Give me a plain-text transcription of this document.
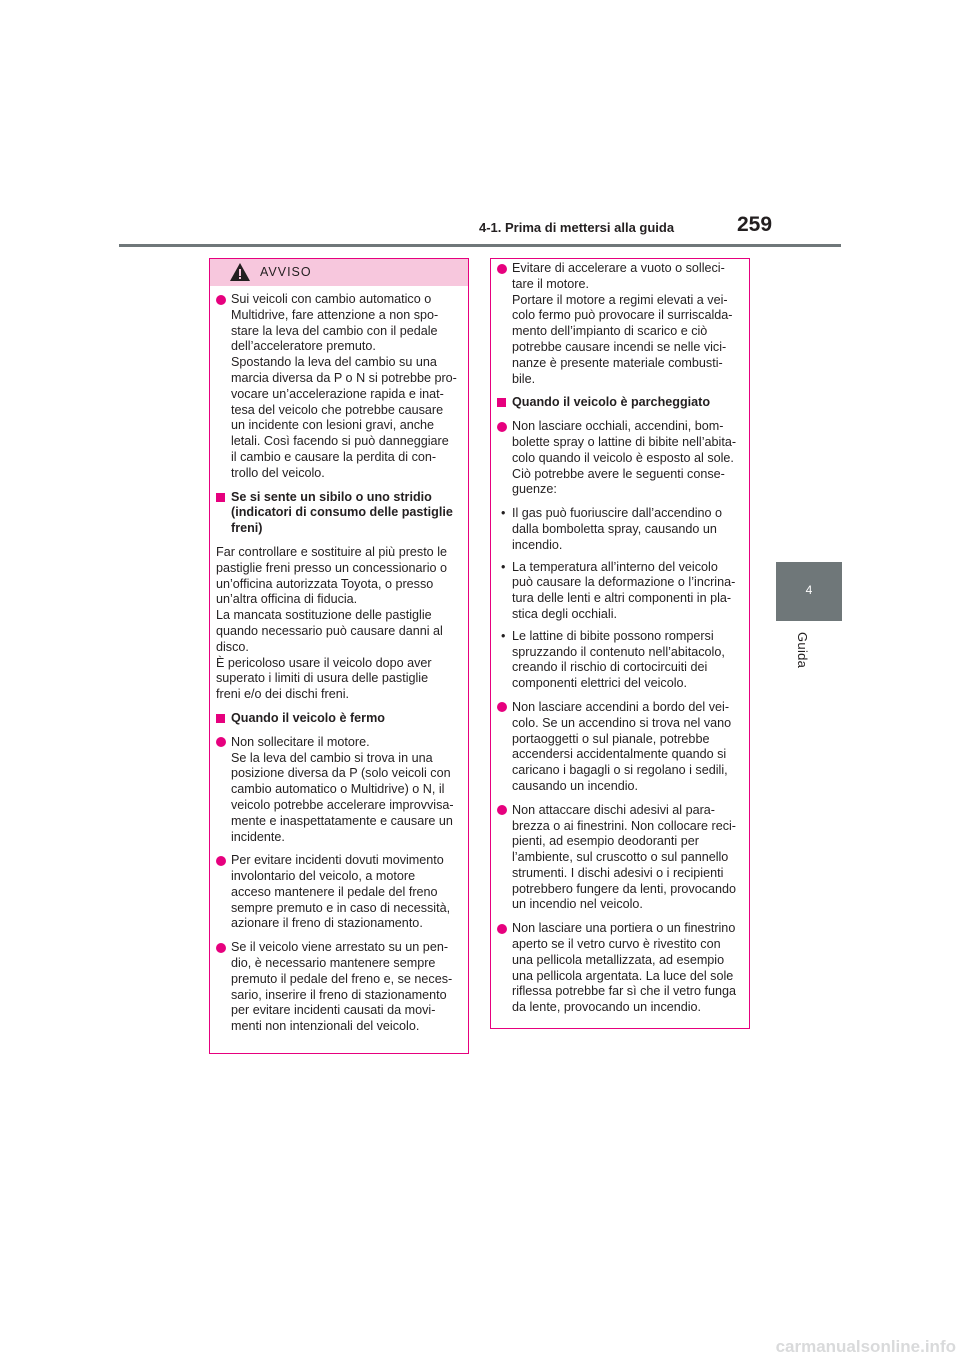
4-1. Prima di mettersi alla guida	259
4
Guida
AVVISO
Sui veicoli con cambio automatico o
Multidrive, fare attenzione a non spo-
stare la leva del cambio con il pedale
dell’acceleratore premuto.
Spostando la leva del cambio su una
marcia diversa da P o N si potrebbe pro-
vocare un’accelerazione rapida e inat-
tesa del veicolo che potrebbe causare
un incidente con lesioni gravi, anche
letali. Così facendo si può danneggiare
il cambio e causare la perdita di con-
trollo del veicolo.
Se si sente un sibilo o uno stridio
(indicatori di consumo delle pastiglie
freni)
Far controllare e sostituire al più presto le
pastiglie freni presso un concessionario o
un’officina autorizzata Toyota, o presso
un’altra officina di fiducia.
La mancata sostituzione delle pastiglie
quando necessario può causare danni al
disco.
È pericoloso usare il veicolo dopo aver
superato i limiti di usura delle pastiglie
freni e/o dei dischi freni.
Quando il veicolo è fermo
Non sollecitare il motore.
Se la leva del cambio si trova in una
posizione diversa da P (solo veicoli con
cambio automatico o Multidrive) o N, il
veicolo potrebbe accelerare improvvisa-
mente e inaspettatamente e causare un
incidente.
Per evitare incidenti dovuti movimento
involontario del veicolo, a motore
acceso mantenere il pedale del freno
sempre premuto e in caso di necessità,
azionare il freno di stazionamento.
Se il veicolo viene arrestato su un pen-
dio, è necessario mantenere sempre
premuto il pedale del freno e, se neces-
sario, inserire il freno di stazionamento
per evitare incidenti causati da movi-
menti non intenzionali del veicolo.
Evitare di accelerare a vuoto o solleci-
tare il motore.
Portare il motore a regimi elevati a vei-
colo fermo può provocare il surriscalda-
mento dell’impianto di scarico e ciò
potrebbe causare incendi se nelle vici-
nanze è presente materiale combusti-
bile.
Quando il veicolo è parcheggiato
Non lasciare occhiali, accendini, bom-
bolette spray o lattine di bibite nell’abita-
colo quando il veicolo è esposto al sole.
Ciò potrebbe avere le seguenti conse-
guenze:
• Il gas può fuoriuscire dall’accendino o
dalla bomboletta spray, causando un
incendio.
• La temperatura all’interno del veicolo
può causare la deformazione o l’incrina-
tura delle lenti e altri componenti in pla-
stica degli occhiali.
• Le lattine di bibite possono rompersi
spruzzando il contenuto nell’abitacolo,
creando il rischio di cortocircuiti dei
componenti elettrici del veicolo.
Non lasciare accendini a bordo del vei-
colo. Se un accendino si trova nel vano
portaoggetti o sul pianale, potrebbe
accendersi accidentalmente quando si
caricano i bagagli o si regolano i sedili,
causando un incendio.
Non attaccare dischi adesivi al para-
brezza o ai finestrini. Non collocare reci-
pienti, ad esempio deodoranti per
l’ambiente, sul cruscotto o sul pannello
strumenti. I dischi adesivi o i recipienti
potrebbero fungere da lenti, provocando
un incendio nel veicolo.
Non lasciare una portiera o un finestrino
aperto se il vetro curvo è rivestito con
una pellicola metallizzata, ad esempio
una pellicola argentata. La luce del sole
riflessa potrebbe far sì che il vetro funga
da lente, provocando un incendio.
carmanualsonline.info
